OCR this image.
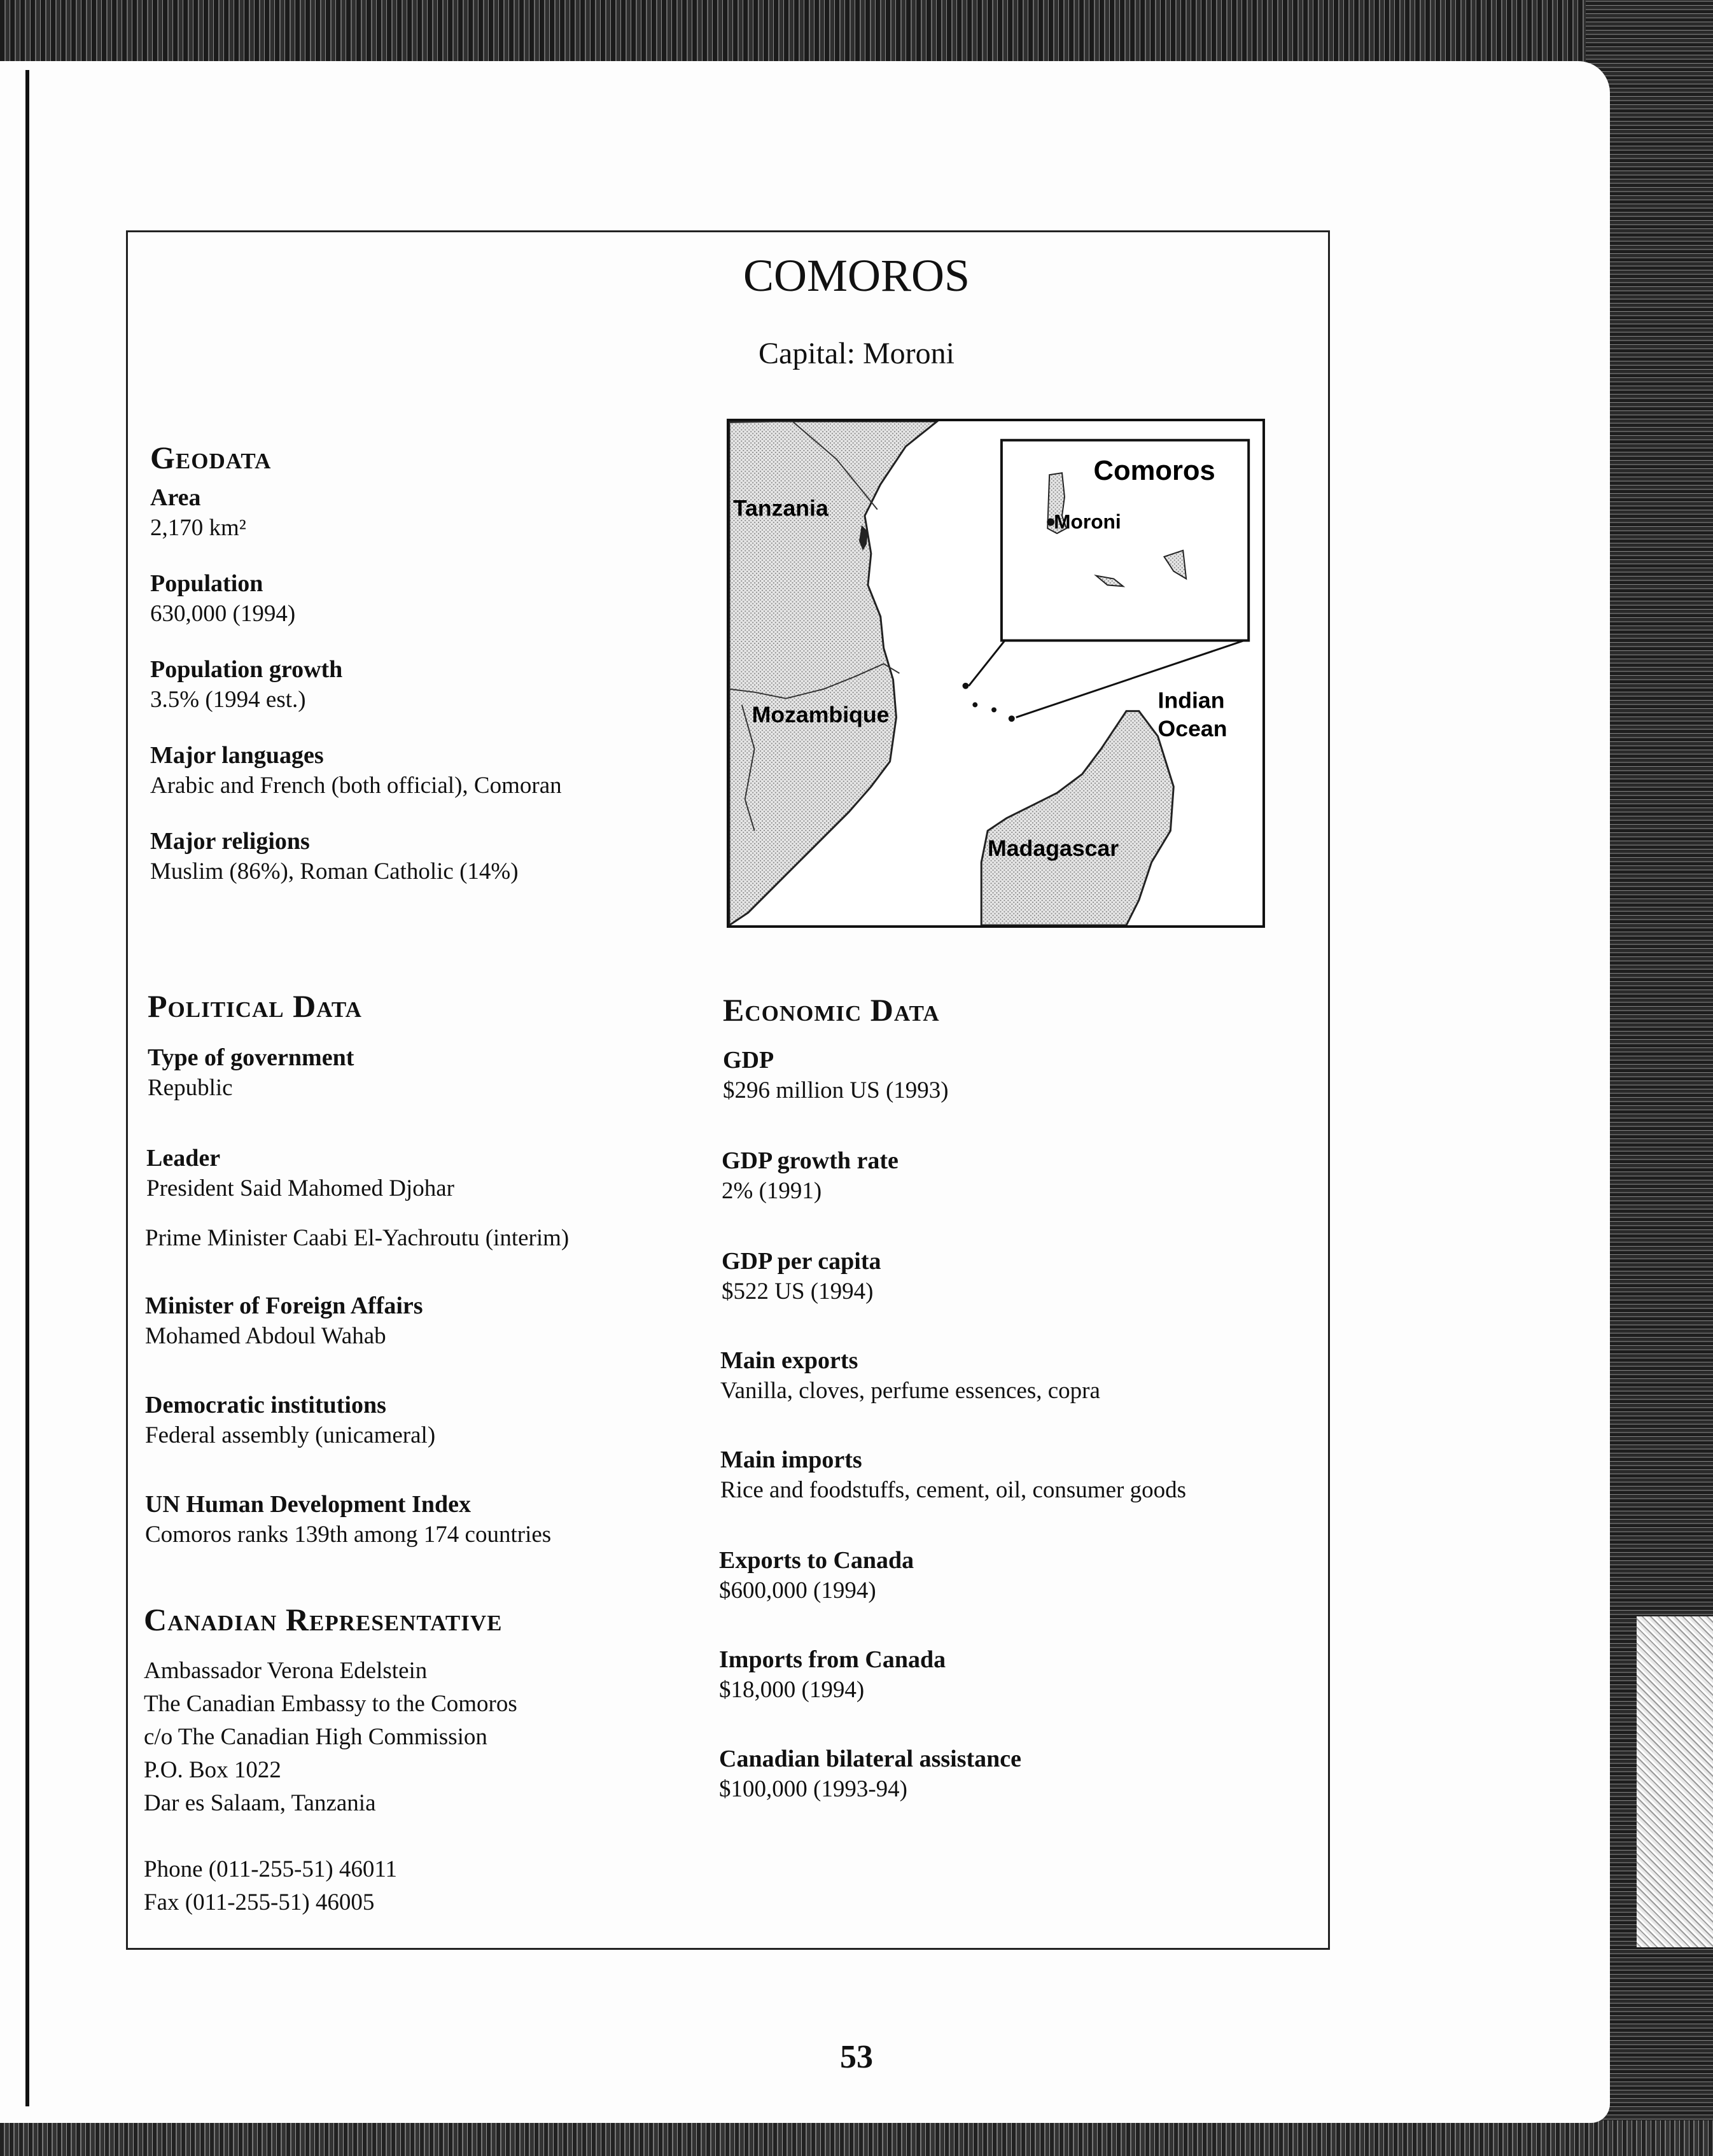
COMOROS
Capital: Moroni
Geodata
Area
2,170 km²
Population
630,000 (1994)
Population growth
3.5% (1994 est.)
Major languages
Arabic and French (both official), Comoran
Major religions
Muslim (86%), Roman Catholic (14%)
Comoros
Moroni
Tanzania
Mozambique
Madagascar
Indian
Ocean
Political Data
Type of government
Republic
Leader
President Said Mahomed Djohar
Prime Minister Caabi El-Yachroutu (interim)
Minister of Foreign Affairs
Mohamed Abdoul Wahab
Democratic institutions
Federal assembly (unicameral)
UN Human Development Index
Comoros ranks 139th among 174 countries
Canadian Representative
Ambassador Verona Edelstein
The Canadian Embassy to the Comoros
c/o The Canadian High Commission
P.O. Box 1022
Dar es Salaam, Tanzania
Phone (011-255-51) 46011
Fax (011-255-51) 46005
Economic Data
GDP
$296 million US (1993)
GDP growth rate
2% (1991)
GDP per capita
$522 US (1994)
Main exports
Vanilla, cloves, perfume essences, copra
Main imports
Rice and foodstuffs, cement, oil, consumer goods
Exports to Canada
$600,000 (1994)
Imports from Canada
$18,000 (1994)
Canadian bilateral assistance
$100,000 (1993-94)
53
